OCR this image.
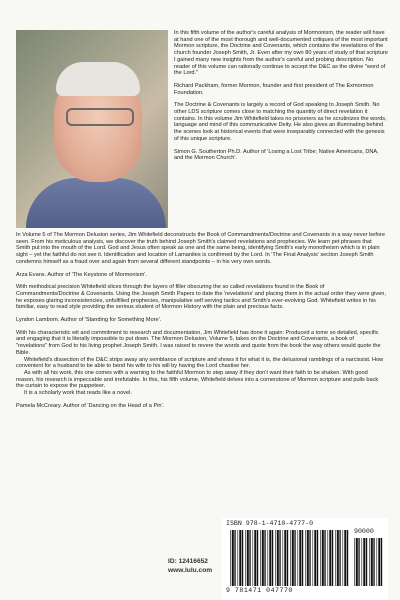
In this fifth volume of the author's careful analysis of Mormonism, the reader will have at hand one of the most thorough and well-documented critiques of the most important Mormon scripture, the Doctrine and Covenants, which contains the revelations of the church founder Joseph Smith, Jr. Even after my own 80 years of study of that scripture I gained many new insights from the author's careful and probing description. No reader of this volume can rationally continue to accept the D&C as the divine "word of the Lord."

Richard Packham, former Mormon, founder and first president of The Exmormon Foundation.

The Doctrine & Covenants is largely a record of God speaking to Joseph Smith. No other LDS scripture comes close to matching the quantity of direct revelation it contains. In this volume Jim Whitefield takes no prisoners as he scrutinizes the words, language and mind of this communicative Deity. He also gives an illuminating behind the scenes look at historical events that were inseparably connected with the genesis of this unique scripture.

Simon G. Southerton Ph.D. Author of 'Losing a Lost Tribe; Native Americans, DNA, and the Mormon Church'.

In Volume 5 of The Mormon Delusion series, Jim Whitefield deconstructs the Book of Commandments/Doctrine and Covenants in a way never before seen. From his meticulous analysis, we discover the truth behind Joseph Smith's claimed revelations and prophecies. We learn pet phrases that Smith put into the mouth of the Lord. God and Jesus often speak as one and the same being, identifying Smith's early monotheism which is in plain sight – yet the faithful do not see it. Identification and location of Lamanites is confirmed by the Lord. In 'The Final Analysis' section Joseph Smith condemns himself as a fraud over and again from several different standpoints – in his very own words.

Arza Evans. Author of 'The Keystone of Mormonism'.

With methodical precision Whitefield slices through the layers of filler obscuring the so called revelations found in the Book of Commandments/Doctrine & Covenants. Using the Joseph Smith Papers to date the 'revelations' and placing them in the actual order they were given, he exposes glaring inconsistencies, unfulfilled prophecies, manipulative self serving tactics and Smith's ever-evolving God. Whitefield writes in his familiar, easy to read style providing the serious student of Mormon History with the plain and precious facts.

Lyndon Lamborn. Author of 'Standing for Something More'.

With his characteristic wit and commitment to research and documentation, Jim Whitefield has done it again: Produced a tome so detailed, specific and engaging that it is literally impossible to put down. The Mormon Delusion, Volume 5, takes on the Doctrine and Covenants, a book of "revelations" from God to his living prophet Joseph Smith. I was raised to revere the words and quote from the book the way others would quote the Bible.

Whitefield's dissection of the D&C strips away any semblance of scripture and shows it for what it is, the delusional ramblings of a narcissist. How convenient for a husband to be able to bend his wife to his will by having the Lord chastise her.

As with all his work, this one comes with a warning to the faithful Mormon to step away if they don't want their faith to be shaken. With good reason, his research is impeccable and irrefutable. In this, his fifth volume, Whitefield delves into a cornerstone of Mormon scripture and pulls back the curtain to expose the puppeteer.

It is a scholarly work that reads like a novel.

Pamela McCreary. Author of 'Dancing on the Head of a Pin'.

ID: 12416652
www.lulu.com
ISBN 978-1-4710-4777-0
90000
9 781471 047770
